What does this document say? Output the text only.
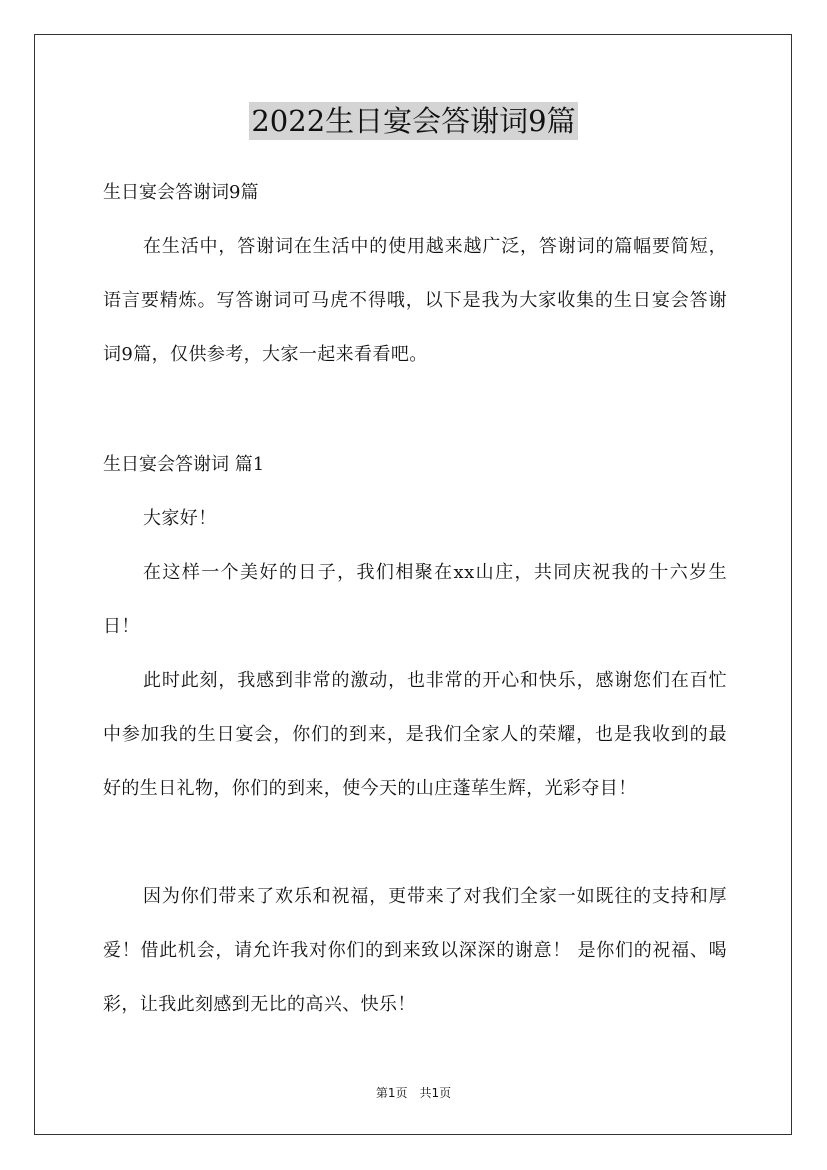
2022生日宴会答谢词9篇
生日宴会答谢词9篇

在生活中，答谢词在生活中的使用越来越广泛，答谢词的篇幅要简短，语言要精炼。写答谢词可马虎不得哦，以下是我为大家收集的生日宴会答谢词9篇，仅供参考，大家一起来看看吧。

生日宴会答谢词 篇1

大家好！

在这样一个美好的日子，我们相聚在xx山庄，共同庆祝我的十六岁生日！

此时此刻，我感到非常的激动，也非常的开心和快乐，感谢您们在百忙中参加我的生日宴会，你们的到来，是我们全家人的荣耀，也是我收到的最好的生日礼物，你们的到来，使今天的山庄蓬荜生辉，光彩夺目！

因为你们带来了欢乐和祝福，更带来了对我们全家一如既往的支持和厚爱！借此机会，请允许我对你们的到来致以深深的谢意！ 是你们的祝福、喝彩，让我此刻感到无比的高兴、快乐！

第1页　共1页
